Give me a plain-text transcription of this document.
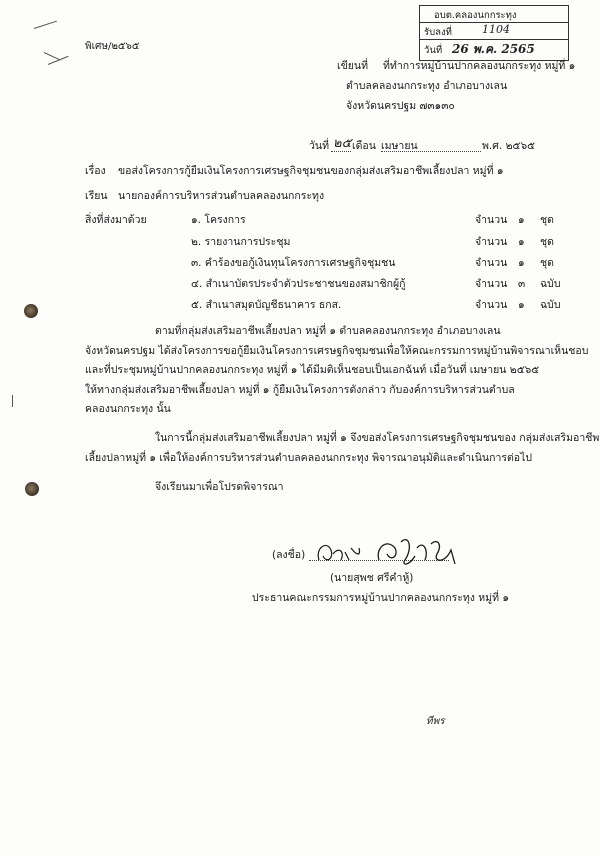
พิเศษ/๒๕๖๕
อบต.คลองนกกระทุง
รับลงที่	1104
วันที่ 26 พ.ค. 2565
เขียนที่ ที่ทำการหมู่บ้านปากคลองนกกระทุง หมู่ที่ ๑
ตำบลคลองนกกระทุง อำเภอบางเลน
จังหวัดนครปฐม ๗๓๑๓๐
วันที่ ๒๕ เดือน เมษายน	พ.ศ. ๒๕๖๕
เรื่อง ขอส่งโครงการกู้ยืมเงินโครงการเศรษฐกิจชุมชนของกลุ่มส่งเสริมอาชีพเลี้ยงปลา หมู่ที่ ๑
เรียน นายกองค์การบริหารส่วนตำบลคลองนกกระทุง
สิ่งที่ส่งมาด้วย	๑. โครงการ	จำนวน ๑ ชุด
๒. รายงานการประชุม	จำนวน ๑ ชุด
๓. คำร้องขอกู้เงินทุนโครงการเศรษฐกิจชุมชน	จำนวน ๑ ชุด
๔. สำเนาบัตรประจำตัวประชาชนของสมาชิกผู้กู้	จำนวน ๓ ฉบับ
๕. สำเนาสมุดบัญชีธนาคาร ธกส.	จำนวน ๑ ฉบับ
ตามที่กลุ่มส่งเสริมอาชีพเลี้ยงปลา หมู่ที่ ๑ ตำบลคลองนกกระทุง อำเภอบางเลน
จังหวัดนครปฐม ได้ส่งโครงการขอกู้ยืมเงินโครงการเศรษฐกิจชุมชนเพื่อให้คณะกรรมการหมู่บ้านพิจารณาเห็นชอบ
และที่ประชุมหมู่บ้านปากคลองนกกระทุง หมู่ที่ ๑ ได้มีมติเห็นชอบเป็นเอกฉันท์ เมื่อวันที่ เมษายน ๒๕๖๕
ให้ทางกลุ่มส่งเสริมอาชีพเลี้ยงปลา หมู่ที่ ๑ กู้ยืมเงินโครงการดังกล่าว กับองค์การบริหารส่วนตำบล
คลองนกกระทุง นั้น
ในการนี้กลุ่มส่งเสริมอาชีพเลี้ยงปลา หมู่ที่ ๑ จึงขอส่งโครงการเศรษฐกิจชุมชนของ กลุ่มส่งเสริมอาชีพ
เลี้ยงปลาหมู่ที่ ๑ เพื่อให้องค์การบริหารส่วนตำบลคลองนกกระทุง พิจารณาอนุมัติและดำเนินการต่อไป
จึงเรียนมาเพื่อโปรดพิจารณา
(ลงชื่อ)
(นายสุพช ศรีคำหู้)
ประธานคณะกรรมการหมู่บ้านปากคลองนกกระทุง หมู่ที่ ๑
ทีพร
